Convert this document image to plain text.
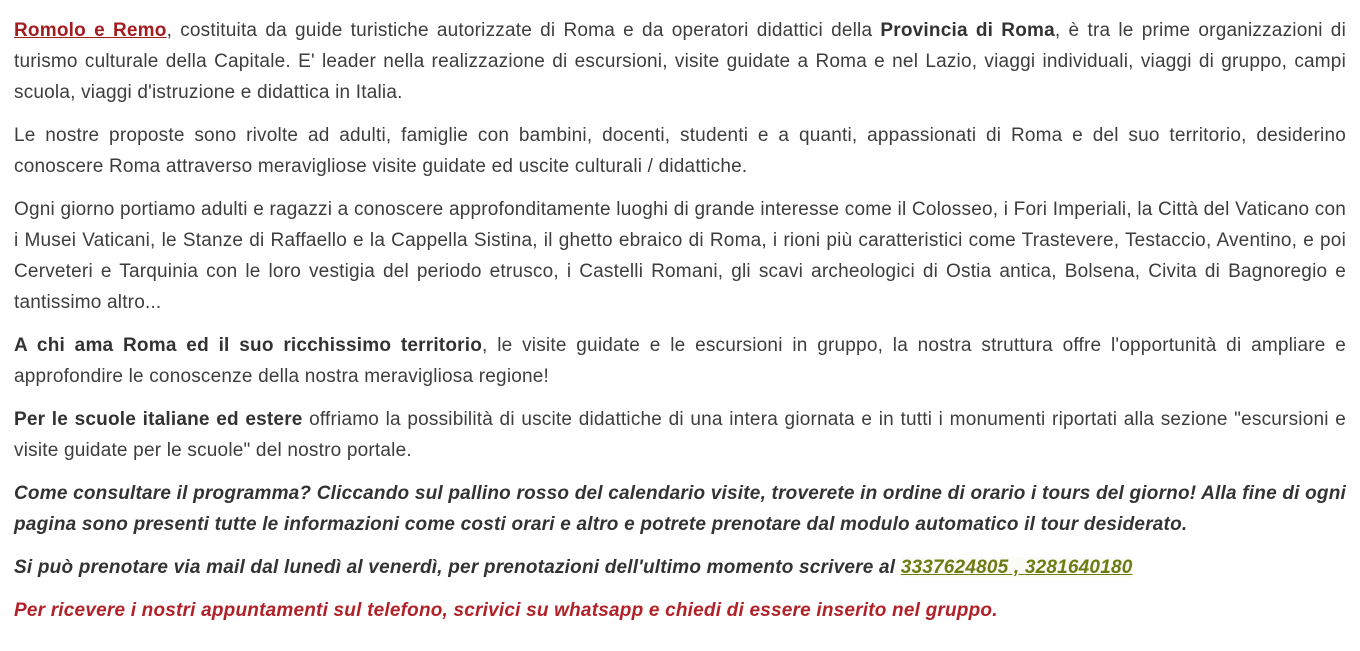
Romolo e Remo, costituita da guide turistiche autorizzate di Roma e da operatori didattici della Provincia di Roma, è tra le prime organizzazioni di turismo culturale della Capitale. E' leader nella realizzazione di escursioni, visite guidate a Roma e nel Lazio, viaggi individuali, viaggi di gruppo, campi scuola, viaggi d'istruzione e didattica in Italia.

Le nostre proposte sono rivolte ad adulti, famiglie con bambini, docenti, studenti e a quanti, appassionati di Roma e del suo territorio, desiderino conoscere Roma attraverso meravigliose visite guidate ed uscite culturali / didattiche.

Ogni giorno portiamo adulti e ragazzi a conoscere approfonditamente luoghi di grande interesse come il Colosseo, i Fori Imperiali, la Città del Vaticano con i Musei Vaticani, le Stanze di Raffaello e la Cappella Sistina, il ghetto ebraico di Roma, i rioni più caratteristici come Trastevere, Testaccio, Aventino, e poi Cerveteri e Tarquinia con le loro vestigia del periodo etrusco, i Castelli Romani, gli scavi archeologici di Ostia antica, Bolsena, Civita di Bagnoregio e tantissimo altro...

A chi ama Roma ed il suo ricchissimo territorio, le visite guidate e le escursioni in gruppo, la nostra struttura offre l'opportunità di ampliare e approfondire le conoscenze della nostra meravigliosa regione!

Per le scuole italiane ed estere offriamo la possibilità di uscite didattiche di una intera giornata e in tutti i monumenti riportati alla sezione "escursioni e visite guidate per le scuole" del nostro portale.

Come consultare il programma? Cliccando sul pallino rosso del calendario visite, troverete in ordine di orario i tours del giorno! Alla fine di ogni pagina sono presenti tutte le informazioni come costi orari e altro e potrete prenotare dal modulo automatico il tour desiderato.

Si può prenotare via mail dal lunedì al venerdì, per prenotazioni dell'ultimo momento scrivere al 3337624805 , 3281640180

Per ricevere i nostri appuntamenti sul telefono, scrivici su whatsapp e chiedi di essere inserito nel gruppo.
